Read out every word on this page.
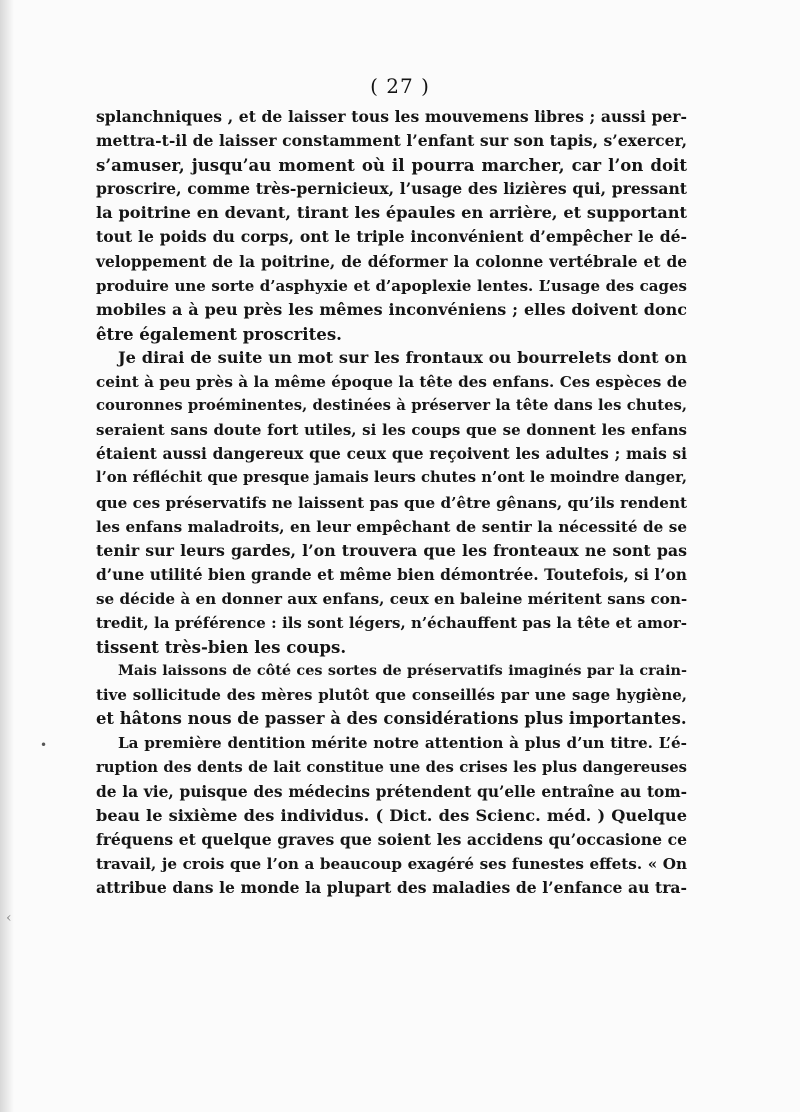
( 27 )
‹
•
splanchniques , et de laisser tous les mouvemens libres ; aussi per-
mettra-t-il de laisser constamment l’enfant sur son tapis, s’exercer,
s’amuser, jusqu’au moment où il pourra marcher, car l’on doit
proscrire, comme très-pernicieux, l’usage des lizières qui, pressant
la poitrine en devant, tirant les épaules en arrière, et supportant
tout le poids du corps, ont le triple inconvénient d’empêcher le dé-
veloppement de la poitrine, de déformer la colonne vertébrale et de
produire une sorte d’asphyxie et d’apoplexie lentes. L’usage des cages
mobiles a à peu près les mêmes inconvéniens ; elles doivent donc
être également proscrites.
Je dirai de suite un mot sur les frontaux ou bourrelets dont on
ceint à peu près à la même époque la tête des enfans. Ces espèces de
couronnes proéminentes, destinées à préserver la tête dans les chutes,
seraient sans doute fort utiles, si les coups que se donnent les enfans
étaient aussi dangereux que ceux que reçoivent les adultes ; mais si
l’on réfléchit que presque jamais leurs chutes n’ont le moindre danger,
que ces préservatifs ne laissent pas que d’être gênans, qu’ils rendent
les enfans maladroits, en leur empêchant de sentir la nécessité de se
tenir sur leurs gardes, l’on trouvera que les fronteaux ne sont pas
d’une utilité bien grande et même bien démontrée. Toutefois, si l’on
se décide à en donner aux enfans, ceux en baleine méritent sans con-
tredit, la préférence : ils sont légers, n’échauffent pas la tête et amor-
tissent très-bien les coups.
Mais laissons de côté ces sortes de préservatifs imaginés par la crain-
tive sollicitude des mères plutôt que conseillés par une sage hygiène,
et hâtons nous de passer à des considérations plus importantes.
La première dentition mérite notre attention à plus d’un titre. L’é-
ruption des dents de lait constitue une des crises les plus dangereuses
de la vie, puisque des médecins prétendent qu’elle entraîne au tom-
beau le sixième des individus. ( Dict. des Scienc. méd. ) Quelque
fréquens et quelque graves que soient les accidens qu’occasione ce
travail, je crois que l’on a beaucoup exagéré ses funestes effets. « On
attribue dans le monde la plupart des maladies de l’enfance au tra-
